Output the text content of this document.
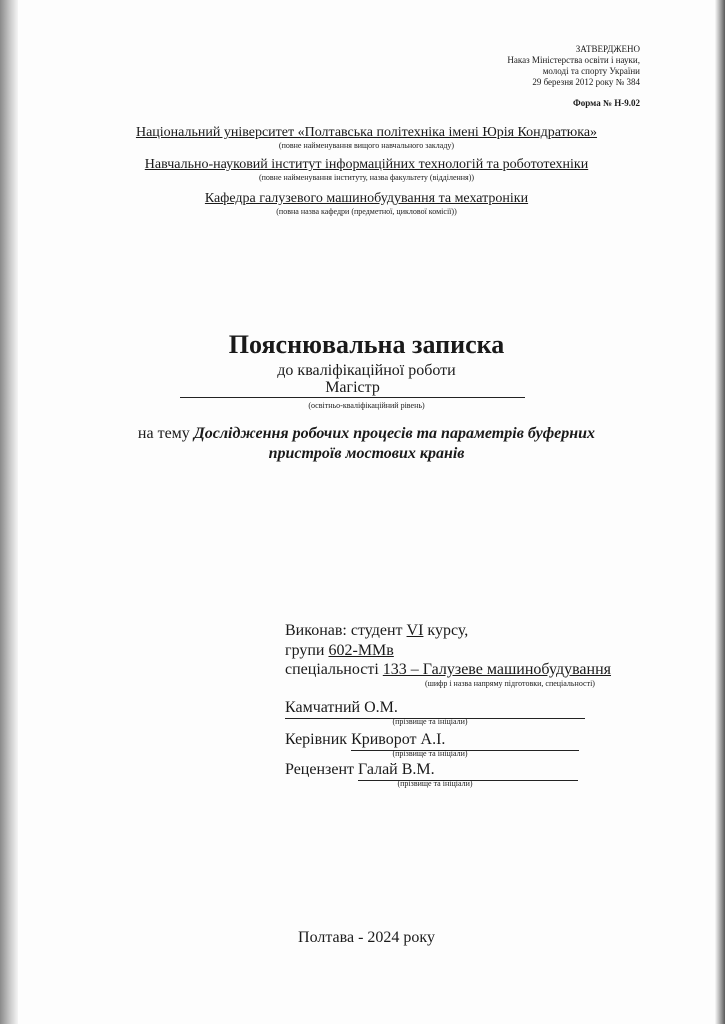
ЗАТВЕРДЖЕНО
Наказ Міністерства освіти і науки,
молоді та спорту України
29 березня 2012 року № 384
Форма № Н-9.02
Національний університет «Полтавська політехніка імені Юрія Кондратюка»
(повне найменування вищого навчального закладу)
Навчально-науковий інститут інформаційних технологій та робототехніки
(повне найменування інституту, назва факультету (відділення))
Кафедра галузевого машинобудування та мехатроніки
(повна назва кафедри (предметної, циклової комісії))
Пояснювальна записка
до кваліфікаційної роботи
Магістр
(освітньо-кваліфікаційний рівень)
на тему Дослідження робочих процесів та параметрів буферних
пристроїв мостових кранів
Виконав: студент VI курсу,
групи 602-ММв
спеціальності 133 – Галузеве машинобудування
(шифр і назва напряму підготовки, спеціальності)
Камчатний О.М.
(прізвище та ініціали)
Керівник Криворот А.І.
(прізвище та ініціали)
Рецензент Галай В.М.
(прізвище та ініціали)
Полтава - 2024 року
